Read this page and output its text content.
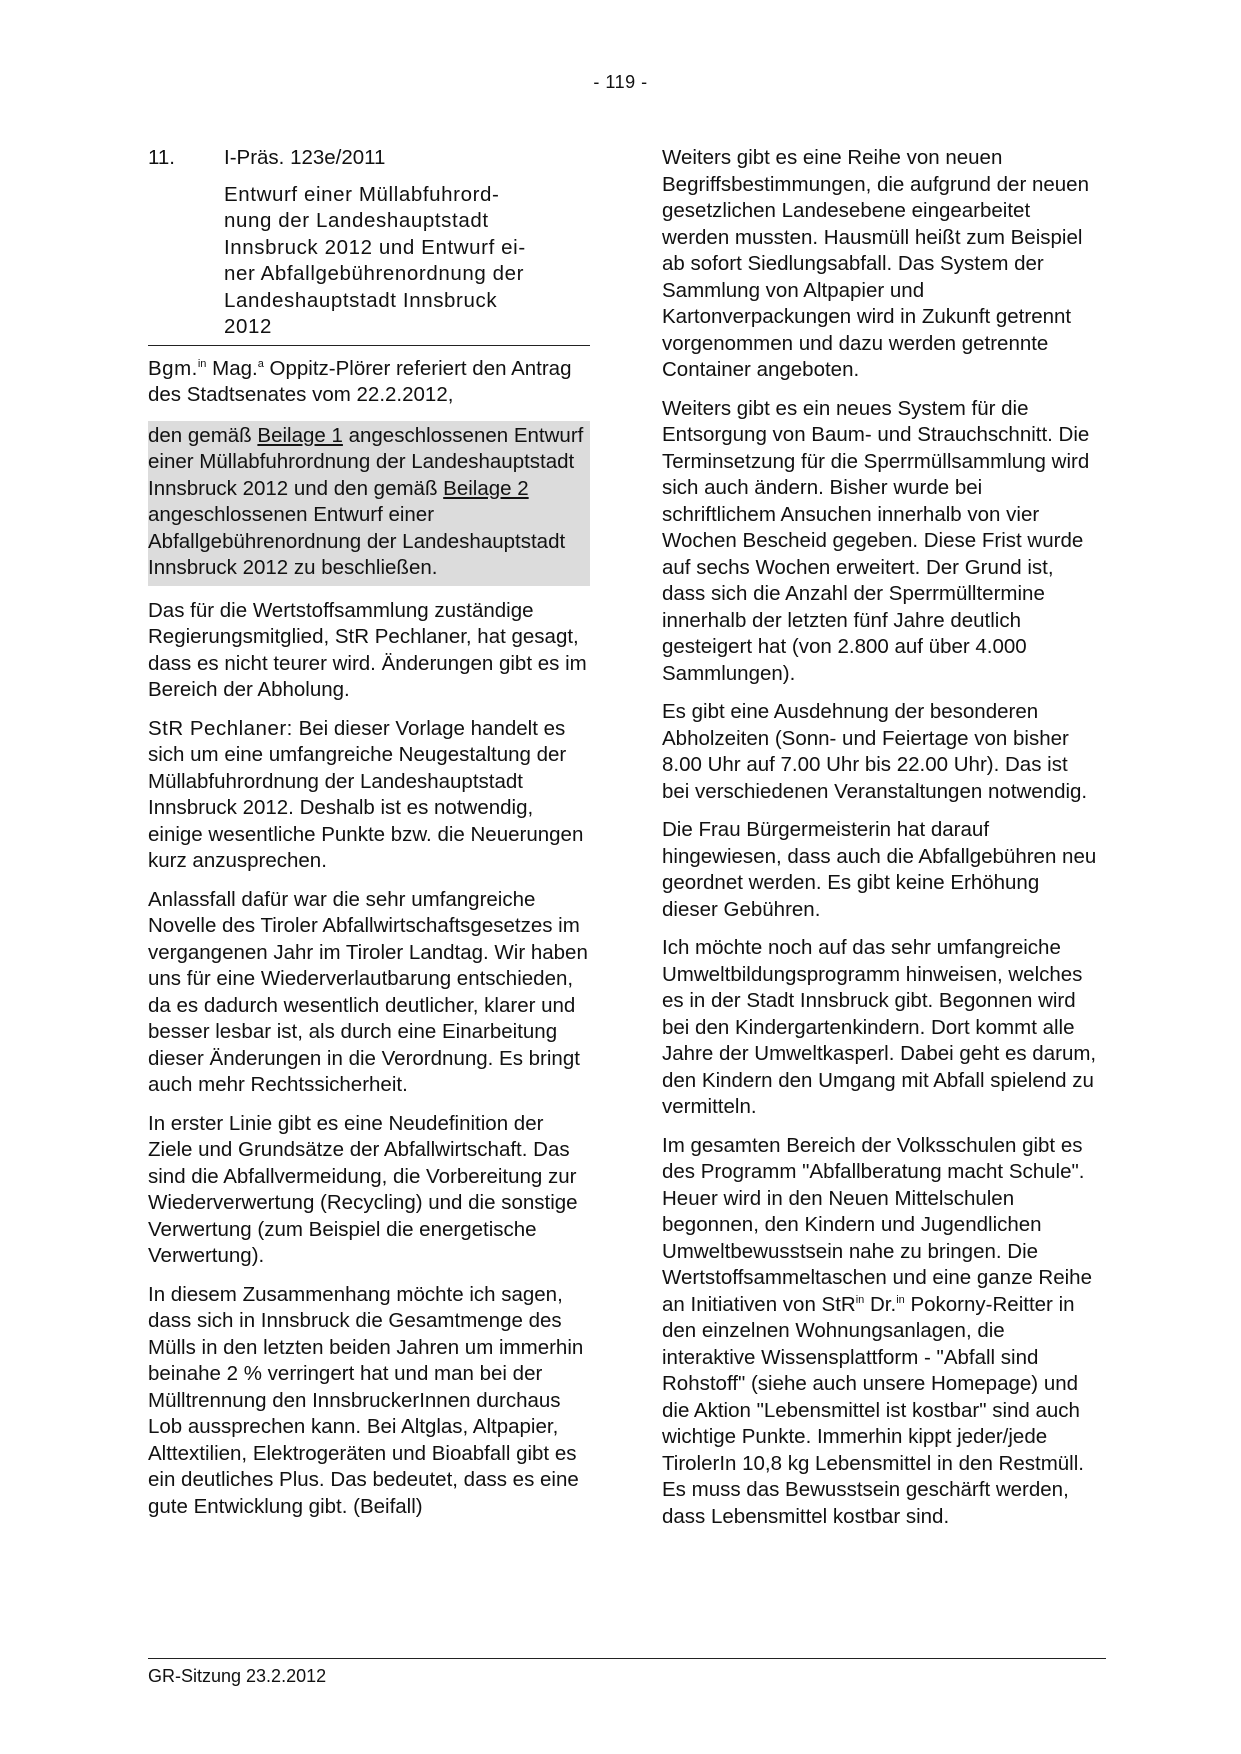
- 119 -
11.	I-Präs. 123e/2011
Entwurf einer Müllabfuhrord-
nung der Landeshauptstadt
Innsbruck 2012 und Entwurf ei-
ner Abfallgebührenordnung der
Landeshauptstadt Innsbruck
2012

Bgm.$^{in}$ Mag.$^a$ Oppitz-Plörer referiert den Antrag des Stadtsenates vom 22.2.2012,

den gemäß Beilage 1 angeschlossenen Entwurf einer Müllabfuhrordnung der Landeshauptstadt Innsbruck 2012 und den gemäß Beilage 2 angeschlossenen Entwurf einer Abfallgebührenordnung der Landeshauptstadt Innsbruck 2012 zu beschließen.

Das für die Wertstoffsammlung zuständige Regierungsmitglied, StR Pechlaner, hat gesagt, dass es nicht teurer wird. Änderungen gibt es im Bereich der Abholung.

StR Pechlaner: Bei dieser Vorlage handelt es sich um eine umfangreiche Neugestaltung der Müllabfuhrordnung der Landeshauptstadt Innsbruck 2012. Deshalb ist es notwendig, einige wesentliche Punkte bzw. die Neuerungen kurz anzusprechen.

Anlassfall dafür war die sehr umfangreiche Novelle des Tiroler Abfallwirtschaftsgesetzes im vergangenen Jahr im Tiroler Landtag. Wir haben uns für eine Wiederverlautbarung entschieden, da es dadurch wesentlich deutlicher, klarer und besser lesbar ist, als durch eine Einarbeitung dieser Änderungen in die Verordnung. Es bringt auch mehr Rechtssicherheit.

In erster Linie gibt es eine Neudefinition der Ziele und Grundsätze der Abfallwirtschaft. Das sind die Abfallvermeidung, die Vorbereitung zur Wiederverwertung (Recycling) und die sonstige Verwertung (zum Beispiel die energetische Verwertung).

In diesem Zusammenhang möchte ich sagen, dass sich in Innsbruck die Gesamtmenge des Mülls in den letzten beiden Jahren um immerhin beinahe 2 % verringert hat und man bei der Mülltrennung den InnsbruckerInnen durchaus Lob aussprechen kann. Bei Altglas, Altpapier, Alttextilien, Elektrogeräten und Bioabfall gibt es ein deutliches Plus. Das bedeutet, dass es eine gute Entwicklung gibt. (Beifall)

Weiters gibt es eine Reihe von neuen Begriffsbestimmungen, die aufgrund der neuen gesetzlichen Landesebene eingearbeitet werden mussten. Hausmüll heißt zum Beispiel ab sofort Siedlungsabfall. Das System der Sammlung von Altpapier und Kartonverpackungen wird in Zukunft getrennt vorgenommen und dazu werden getrennte Container angeboten.

Weiters gibt es ein neues System für die Entsorgung von Baum- und Strauchschnitt. Die Terminsetzung für die Sperrmüllsammlung wird sich auch ändern. Bisher wurde bei schriftlichem Ansuchen innerhalb von vier Wochen Bescheid gegeben. Diese Frist wurde auf sechs Wochen erweitert. Der Grund ist, dass sich die Anzahl der Sperrmülltermine innerhalb der letzten fünf Jahre deutlich gesteigert hat (von 2.800 auf über 4.000 Sammlungen).

Es gibt eine Ausdehnung der besonderen Abholzeiten (Sonn- und Feiertage von bisher 8.00 Uhr auf 7.00 Uhr bis 22.00 Uhr). Das ist bei verschiedenen Veranstaltungen notwendig.

Die Frau Bürgermeisterin hat darauf hingewiesen, dass auch die Abfallgebühren neu geordnet werden. Es gibt keine Erhöhung dieser Gebühren.

Ich möchte noch auf das sehr umfangreiche Umweltbildungsprogramm hinweisen, welches es in der Stadt Innsbruck gibt. Begonnen wird bei den Kindergartenkindern. Dort kommt alle Jahre der Umweltkasperl. Dabei geht es darum, den Kindern den Umgang mit Abfall spielend zu vermitteln.

Im gesamten Bereich der Volksschulen gibt es des Programm "Abfallberatung macht Schule". Heuer wird in den Neuen Mittelschulen begonnen, den Kindern und Jugendlichen Umweltbewusstsein nahe zu bringen. Die Wertstoffsammeltaschen und eine ganze Reihe an Initiativen von StR$^{in}$ Dr.$^{in}$ Pokorny-Reitter in den einzelnen Wohnungsanlagen, die interaktive Wissensplattform - "Abfall sind Rohstoff" (siehe auch unsere Homepage) und die Aktion "Lebensmittel ist kostbar" sind auch wichtige Punkte. Immerhin kippt jeder/jede TirolerIn 10,8 kg Lebensmittel in den Restmüll. Es muss das Bewusstsein geschärft werden, dass Lebensmittel kostbar sind.

GR-Sitzung 23.2.2012
